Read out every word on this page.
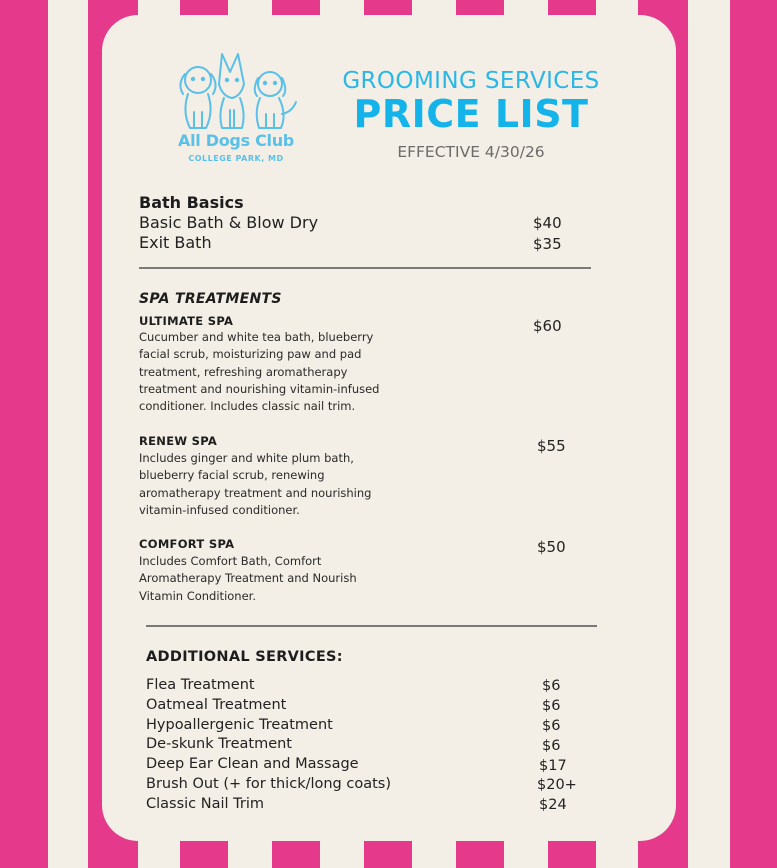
All Dogs Club
COLLEGE PARK, MD
GROOMING SERVICES
PRICE LIST
EFFECTIVE 4/30/26
Bath Basics
Basic Bath & Blow Dry	$40
Exit Bath	$35
SPA TREATMENTS
ULTIMATE SPA	$60
Cucumber and white tea bath, blueberry
facial scrub, moisturizing paw and pad
treatment, refreshing aromatherapy
treatment and nourishing vitamin-infused
conditioner. Includes classic nail trim.
RENEW SPA	$55
Includes ginger and white plum bath,
blueberry facial scrub, renewing
aromatherapy treatment and nourishing
vitamin-infused conditioner.
COMFORT SPA	$50
Includes Comfort Bath, Comfort
Aromatherapy Treatment and Nourish
Vitamin Conditioner.
ADDITIONAL SERVICES:
Flea Treatment	$6
Oatmeal Treatment	$6
Hypoallergenic Treatment	$6
De-skunk Treatment	$6
Deep Ear Clean and Massage	$17
Brush Out (+ for thick/long coats)	$20+
Classic Nail Trim	$24
